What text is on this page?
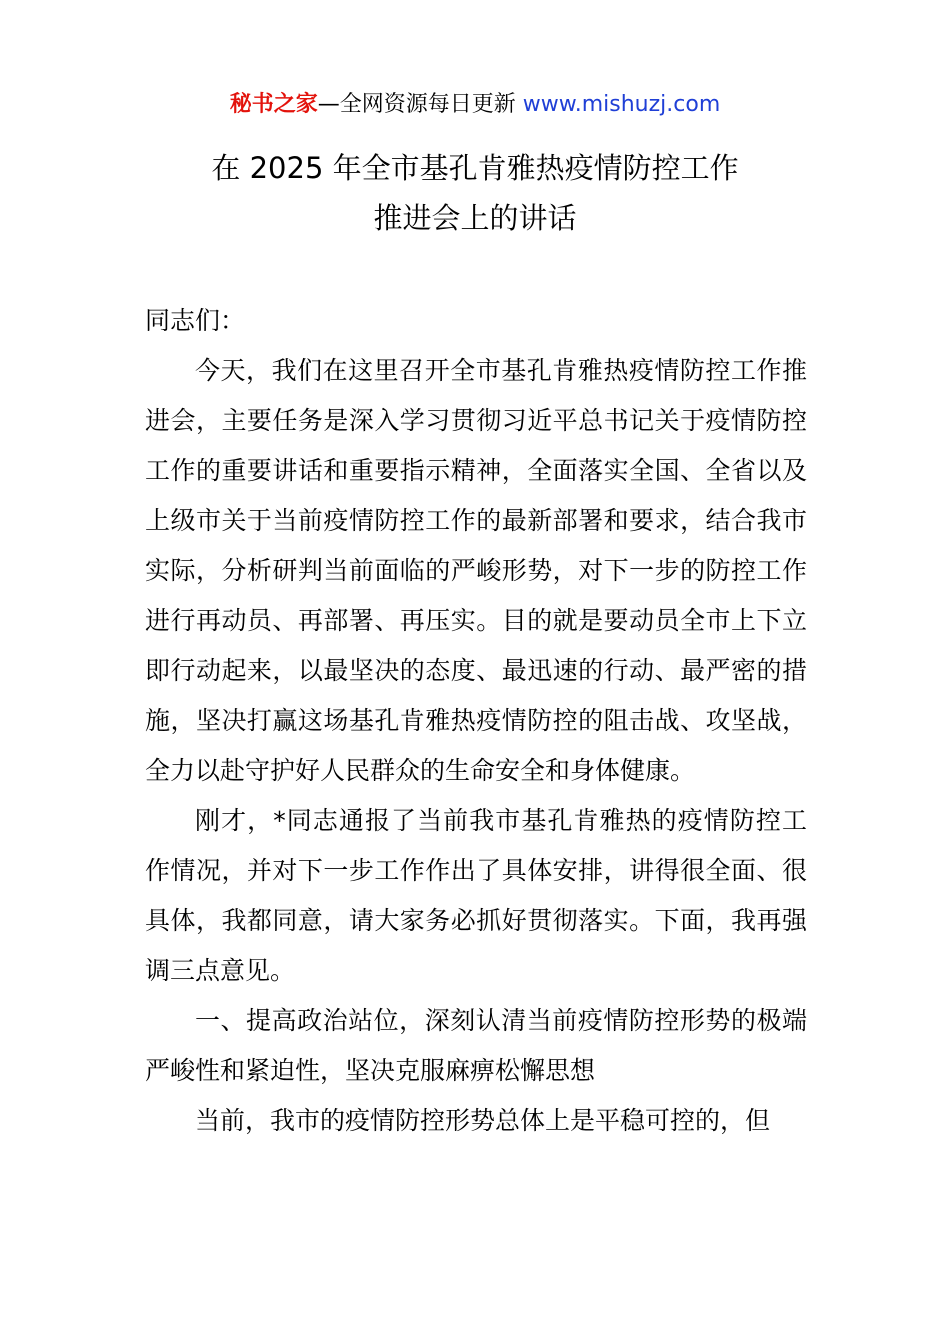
秘书之家—全网资源每日更新 www.mishuzj.com
在 2025 年全市基孔肯雅热疫情防控工作
推进会上的讲话

同志们：

今天，我们在这里召开全市基孔肯雅热疫情防控工作推进会，主要任务是深入学习贯彻习近平总书记关于疫情防控工作的重要讲话和重要指示精神，全面落实全国、全省以及上级市关于当前疫情防控工作的最新部署和要求，结合我市实际，分析研判当前面临的严峻形势，对下一步的防控工作进行再动员、再部署、再压实。目的就是要动员全市上下立即行动起来，以最坚决的态度、最迅速的行动、最严密的措施，坚决打赢这场基孔肯雅热疫情防控的阻击战、攻坚战，全力以赴守护好人民群众的生命安全和身体健康。

刚才，*同志通报了当前我市基孔肯雅热的疫情防控工作情况，并对下一步工作作出了具体安排，讲得很全面、很具体，我都同意，请大家务必抓好贯彻落实。下面，我再强调三点意见。

一、提高政治站位，深刻认清当前疫情防控形势的极端严峻性和紧迫性，坚决克服麻痹松懈思想

当前，我市的疫情防控形势总体上是平稳可控的，但
